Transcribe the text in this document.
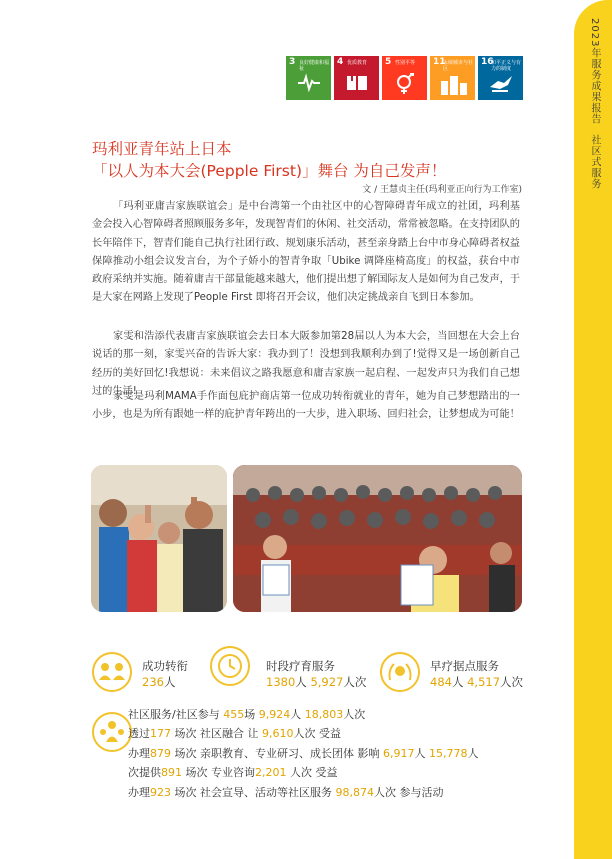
2023年服务成果报告社区式服务
3 良好健康和福祉
4 优质教育	5 性别平等	11
永续城市与社区
16
和平正义与有力的制度
玛利亚青年站上日本
「以人为本大会(Pepple First)」舞台 为自己发声！
文 / 王慧贞主任(玛利亚正向行为工作室)
「玛利亚庸吉家族联谊会」是中台湾第一个由社区中的心智障碍青年成立的社团，玛利基金会投入心智障碍者照顾服务多年，发现智青们的休闲、社交活动，常常被忽略。在支持团队的长年陪伴下，智青们能自己执行社团行政、规划康乐活动，甚至亲身踏上台中市身心障碍者权益保障推动小组会议发言台，为个子娇小的智青争取「Ubike 调降座椅高度」的权益，获台中市政府采纳并实施。随着庸吉干部量能越来越大，他们提出想了解国际友人是如何为自己发声，于是大家在网路上发现了People First 即将召开会议，他们决定挑战亲自飞到日本参加。
家雯和浩添代表庸吉家族联谊会去日本大阪参加第28届以人为本大会，当回想在大会上台说话的那一刻，家雯兴奋的告诉大家：我办到了！没想到我顺利办到了!觉得又是一场创新自己经历的美好回忆!我想说：未来倡议之路我愿意和庸吉家族一起启程、一起发声只为我们自己想过的生活!
家雯是玛利MAMA手作面包庇护商店第一位成功转衔就业的青年，她为自己梦想踏出的一小步，也是为所有跟她一样的庇护青年跨出的一大步，进入职场、回归社会，让梦想成为可能！
成功转衔
236人
时段疗育服务
1380人 5,927人次
早疗据点服务
484人 4,517人次
社区服务/社区参与 455场 9,924人 18,803人次
透过177 场次 社区融合 让 9,610人次 受益
办理879 场次 亲职教育、专业研习、成长团体 影响 6,917人 15,778人
次提供891 场次 专业咨询2,201 人次 受益
办理923 场次 社会宣导、活动等社区服务 98,874人次 参与活动
